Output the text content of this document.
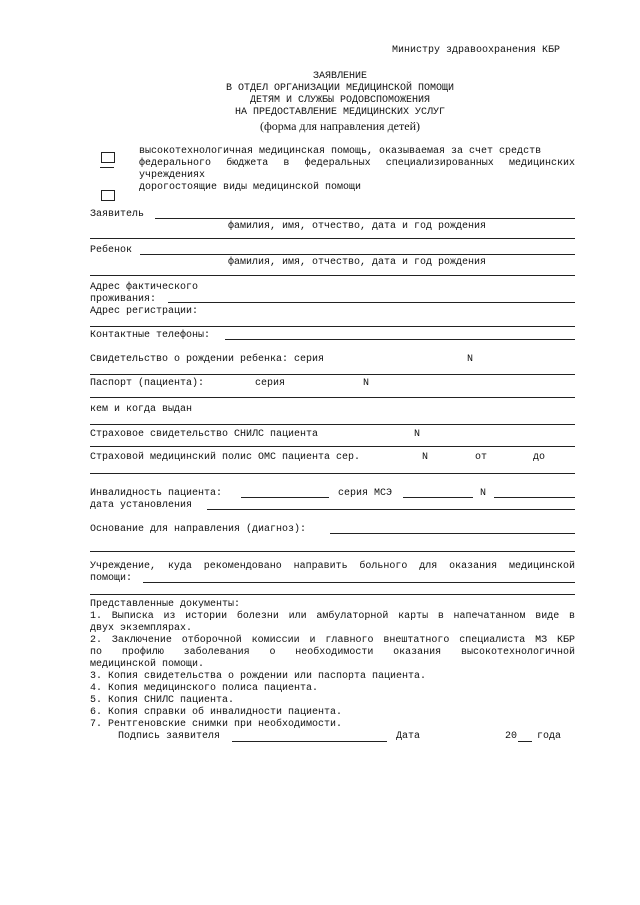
Министру здравоохранения КБР
ЗАЯВЛЕНИЕ
В ОТДЕЛ ОРГАНИЗАЦИИ МЕДИЦИНСКОЙ ПОМОЩИ
ДЕТЯМ И СЛУЖБЫ РОДОВСПОМОЖЕНИЯ
НА ПРЕДОСТАВЛЕНИЕ МЕДИЦИНСКИХ УСЛУГ
(форма для направления детей)
высокотехнологичная медицинская помощь, оказываемая за счет средств
федерального бюджета в федеральных специализированных медицинских
учреждениях
дорогостоящие виды медицинской помощи
Заявитель
фамилия, имя, отчество, дата и год рождения
Ребенок
фамилия, имя, отчество, дата и год рождения
Адрес фактического
проживания:
Адрес регистрации:
Контактные телефоны:
Свидетельство о рождении ребенка: серия	N
Паспорт (пациента):	серия	N
кем и когда выдан
Страховое свидетельство СНИЛС пациента	N
Страховой медицинский полис ОМС пациента сер.	N	от	до
Инвалидность пациента:	серия МСЭ	N
дата установления
Основание для направления (диагноз):
Учреждение, куда рекомендовано направить больного для оказания медицинской
помощи:
Представленные документы:
1. Выписка из истории болезни или амбулаторной карты в напечатанном виде в
двух экземплярах.
2. Заключение отборочной комиссии и главного внештатного специалиста МЗ КБР
по профилю заболевания о необходимости оказания высокотехнологичной
медицинской помощи.
3. Копия свидетельства о рождении или паспорта пациента.
4. Копия медицинского полиса пациента.
5. Копия СНИЛС пациента.
6. Копия справки об инвалидности пациента.
7. Рентгеновские снимки при необходимости.
Подпись заявителя	Дата	20 года
